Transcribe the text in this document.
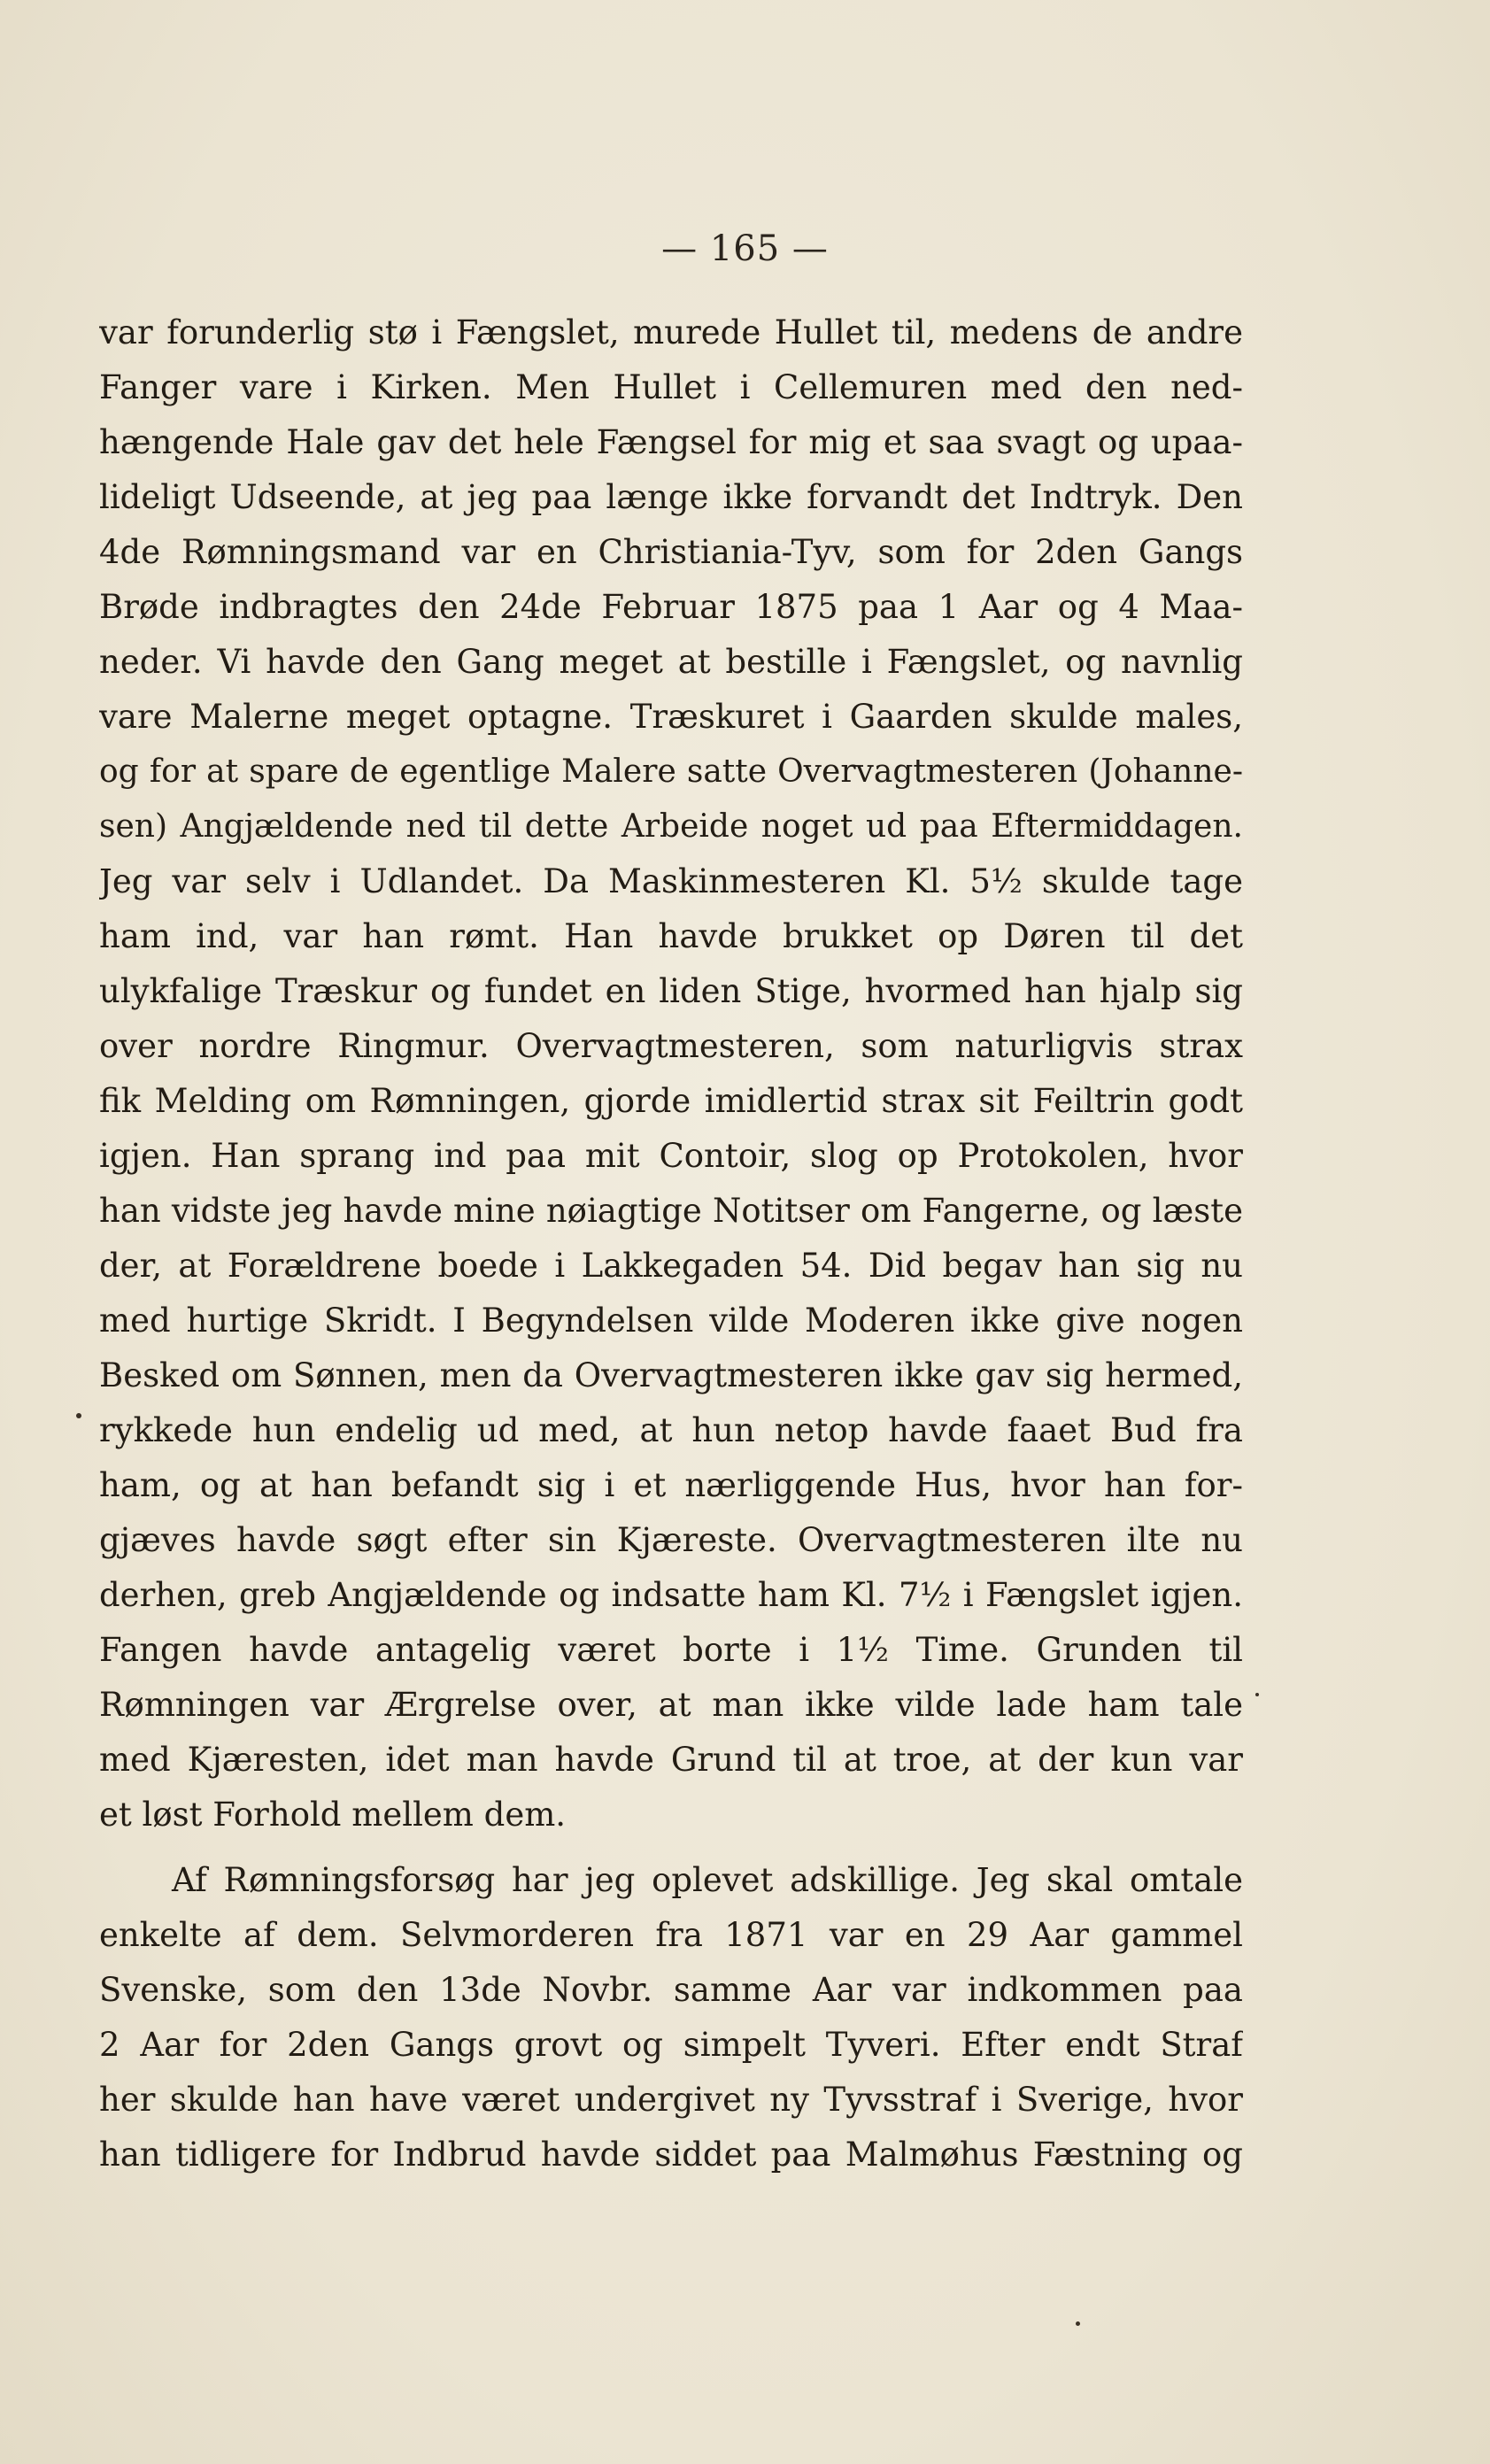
— 165 —
var forunderlig stø i Fængslet, murede Hullet til, medens de andre
Fanger vare i Kirken. Men Hullet i Cellemuren med den ned-
hængende Hale gav det hele Fængsel for mig et saa svagt og upaa-
lideligt Udseende, at jeg paa længe ikke forvandt det Indtryk. Den
4de Rømningsmand var en Christiania-Tyv, som for 2den Gangs
Brøde indbragtes den 24de Februar 1875 paa 1 Aar og 4 Maa-
neder. Vi havde den Gang meget at bestille i Fængslet, og navnlig
vare Malerne meget optagne. Træskuret i Gaarden skulde males,
og for at spare de egentlige Malere satte Overvagtmesteren (Johanne-
sen) Angjældende ned til dette Arbeide noget ud paa Eftermiddagen.
Jeg var selv i Udlandet. Da Maskinmesteren Kl. 5½ skulde tage
ham ind, var han rømt. Han havde brukket op Døren til det
ulykfalige Træskur og fundet en liden Stige, hvormed han hjalp sig
over nordre Ringmur. Overvagtmesteren, som naturligvis strax
fik Melding om Rømningen, gjorde imidlertid strax sit Feiltrin godt
igjen. Han sprang ind paa mit Contoir, slog op Protokolen, hvor
han vidste jeg havde mine nøiagtige Notitser om Fangerne, og læste
der, at Forældrene boede i Lakkegaden 54. Did begav han sig nu
med hurtige Skridt. I Begyndelsen vilde Moderen ikke give nogen
Besked om Sønnen, men da Overvagtmesteren ikke gav sig hermed,
rykkede hun endelig ud med, at hun netop havde faaet Bud fra
ham, og at han befandt sig i et nærliggende Hus, hvor han for-
gjæves havde søgt efter sin Kjæreste. Overvagtmesteren ilte nu
derhen, greb Angjældende og indsatte ham Kl. 7½ i Fængslet igjen.
Fangen havde antagelig været borte i 1½ Time. Grunden til
Rømningen var Ærgrelse over, at man ikke vilde lade ham tale
med Kjæresten, idet man havde Grund til at troe, at der kun var
et løst Forhold mellem dem.
Af Rømningsforsøg har jeg oplevet adskillige. Jeg skal omtale
enkelte af dem. Selvmorderen fra 1871 var en 29 Aar gammel
Svenske, som den 13de Novbr. samme Aar var indkommen paa
2 Aar for 2den Gangs grovt og simpelt Tyveri. Efter endt Straf
her skulde han have været undergivet ny Tyvsstraf i Sverige, hvor
han tidligere for Indbrud havde siddet paa Malmøhus Fæstning og
